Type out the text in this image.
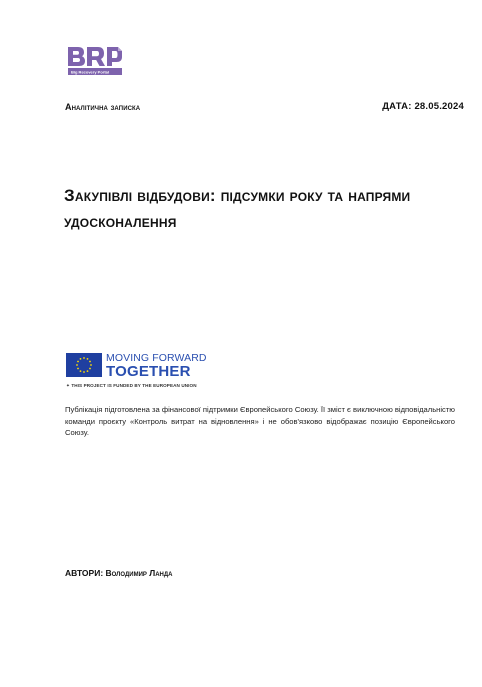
Big Recovery Portal
Аналітична записка	ДАТА: 28.05.2024
Закупівлі відбудови: підсумки року та напрями удосконалення
MOVING FORWARD
TOGETHER
✦ THIS PROJECT IS FUNDED BY THE EUROPEAN UNION
Публікація підготовлена за фінансової підтримки Європейського Союзу. Її зміст є виключною відповідальністю команди проєкту «Контроль витрат на відновлення» і не обов'язково відображає позицію Європейського Союзу.
АВТОРИ: Володимир Ланда
